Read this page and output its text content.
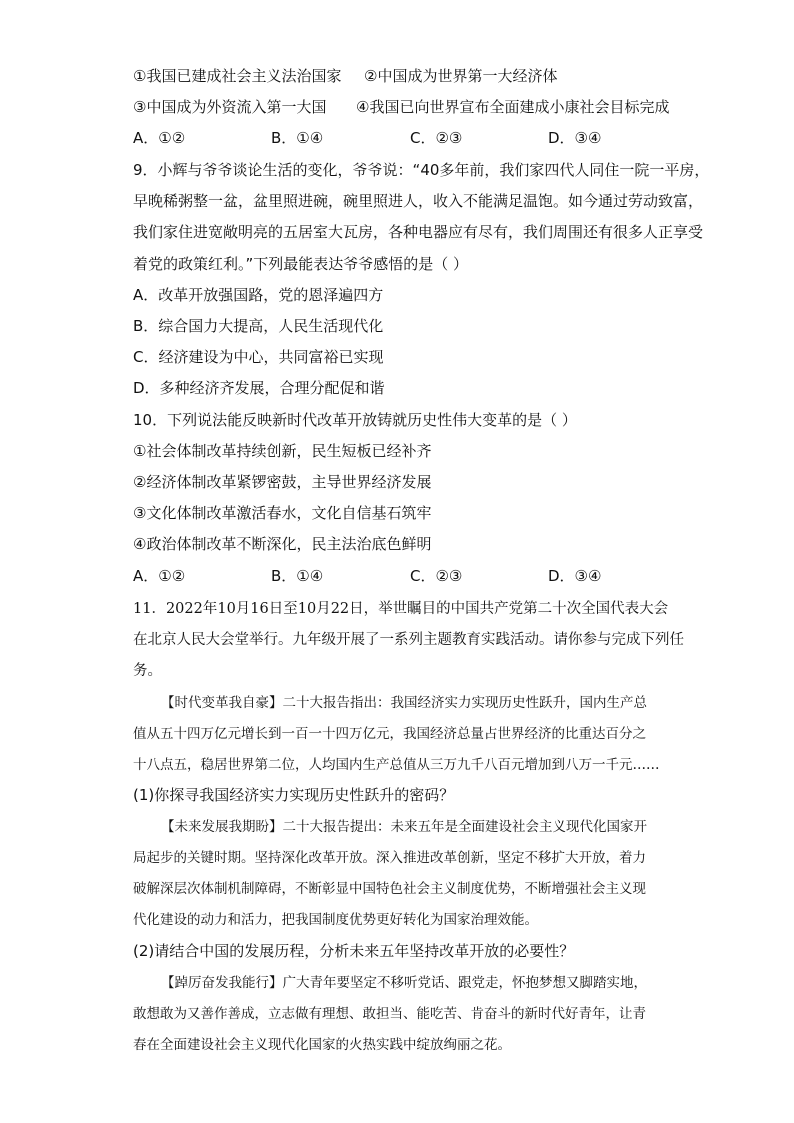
①我国已建成社会主义法治国家 ②中国成为世界第一大经济体
③中国成为外资流入第一大国 ④我国已向世界宣布全面建成小康社会目标完成
A．①②	B．①④	C．②③	D．③④
9．小辉与爷爷谈论生活的变化，爷爷说：“40多年前，我们家四代人同住一院一平房，
早晚稀粥整一盆，盆里照进碗，碗里照进人，收入不能满足温饱。如今通过劳动致富，
我们家住进宽敞明亮的五居室大瓦房，各种电器应有尽有，我们周围还有很多人正享受
着党的政策红利。”下列最能表达爷爷感悟的是（ ）
A．改革开放强国路，党的恩泽遍四方
B．综合国力大提高，人民生活现代化
C．经济建设为中心，共同富裕已实现
D．多种经济齐发展，合理分配促和谐
10．下列说法能反映新时代改革开放铸就历史性伟大变革的是（ ）
①社会体制改革持续创新，民生短板已经补齐
②经济体制改革紧锣密鼓，主导世界经济发展
③文化体制改革激活春水，文化自信基石筑牢
④政治体制改革不断深化，民主法治底色鲜明
A．①②	B．①④	C．②③	D．③④
11．2022年10月16日至10月22日，举世瞩目的中国共产党第二十次全国代表大会
在北京人民大会堂举行。九年级开展了一系列主题教育实践活动。请你参与完成下列任
务。
【时代变革我自豪】二十大报告指出：我国经济实力实现历史性跃升，国内生产总
值从五十四万亿元增长到一百一十四万亿元，我国经济总量占世界经济的比重达百分之
十八点五，稳居世界第二位，人均国内生产总值从三万九千八百元增加到八万一千元……
(1)你探寻我国经济实力实现历史性跃升的密码？
【未来发展我期盼】二十大报告提出：未来五年是全面建设社会主义现代化国家开
局起步的关键时期。坚持深化改革开放。深入推进改革创新，坚定不移扩大开放，着力
破解深层次体制机制障碍，不断彰显中国特色社会主义制度优势，不断增强社会主义现
代化建设的动力和活力，把我国制度优势更好转化为国家治理效能。
(2)请结合中国的发展历程，分析未来五年坚持改革开放的必要性？
【踔厉奋发我能行】广大青年要坚定不移听党话、跟党走，怀抱梦想又脚踏实地，
敢想敢为又善作善成，立志做有理想、敢担当、能吃苦、肯奋斗的新时代好青年，让青
春在全面建设社会主义现代化国家的火热实践中绽放绚丽之花。
